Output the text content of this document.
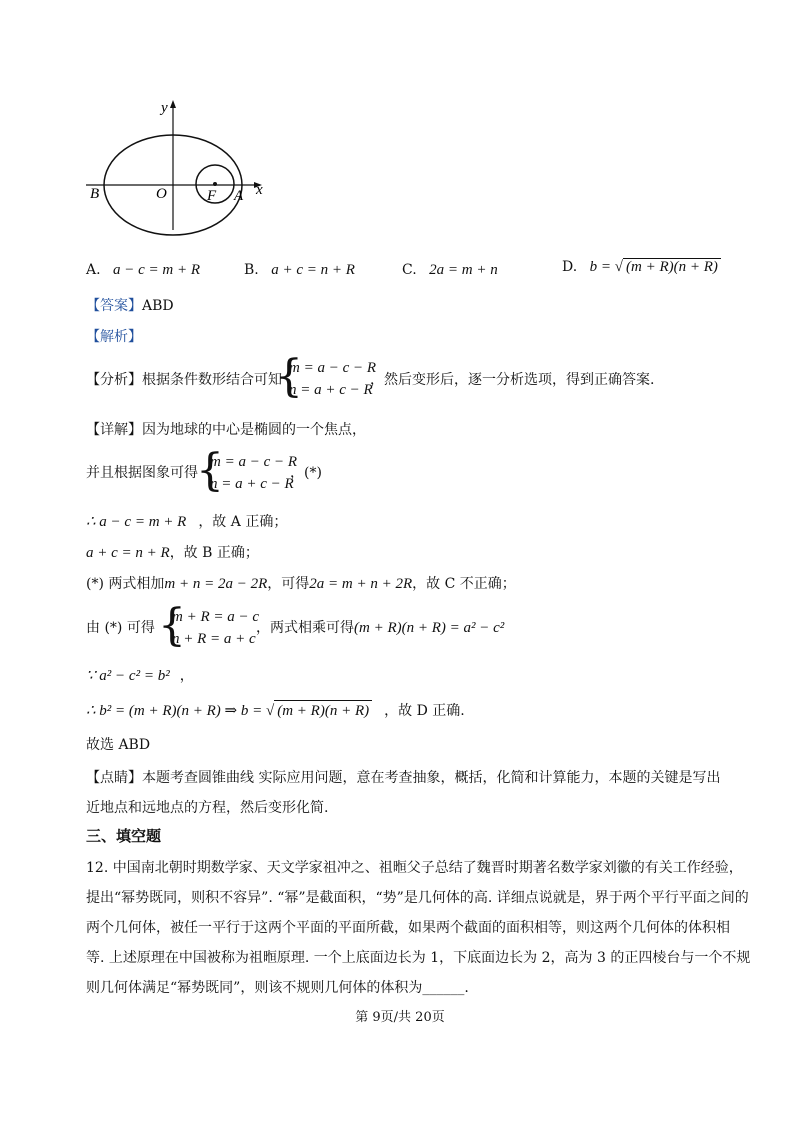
y
x
B	O	F A
A. a − c = m + R	B. a + c = n + R	C. 2a = m + n	D. b = √ (m + R)(n + R)
【答案】ABD
【解析】
【分析】根据条件数形结合可知
{
m = a − c − R
n = a + c − R
，然后变形后，逐一分析选项，得到正确答案.
【详解】因为地球的中心是椭圆的一个焦点，
并且根据图象可得
{
m = a − c − R
n = a + c − R
，(*)
∴ a − c = m + R ，故 A 正确；
a + c = n + R，故 B 正确；
(*) 两式相加m + n = 2a − 2R，可得2a = m + n + 2R，故 C 不正确；
由 (*) 可得 {
m + R = a − c
n + R = a + c
，两式相乘可得(m + R)(n + R) = a² − c²
∵ a² − c² = b² ，
∴ b² = (m + R)(n + R) ⇒ b = √ (m + R)(n + R) ，故 D 正确.
故选 ABD
【点睛】本题考查圆锥曲线 实际应用问题，意在考查抽象，概括，化简和计算能力，本题的关键是写出
近地点和远地点的方程，然后变形化简.
三、填空题
12. 中国南北朝时期数学家、天文学家祖冲之、祖暅父子总结了魏晋时期著名数学家刘徽的有关工作经验，
提出“幂势既同，则积不容异”. “幂”是截面积，“势”是几何体的高. 详细点说就是，界于两个平行平面之间的
两个几何体，被任一平行于这两个平面的平面所截，如果两个截面的面积相等，则这两个几何体的体积相
等. 上述原理在中国被称为祖暅原理. 一个上底面边长为 1，下底面边长为 2，高为 3 的正四棱台与一个不规
则几何体满足“幂势既同”，则该不规则几何体的体积为______.
第 9页/共 20页
